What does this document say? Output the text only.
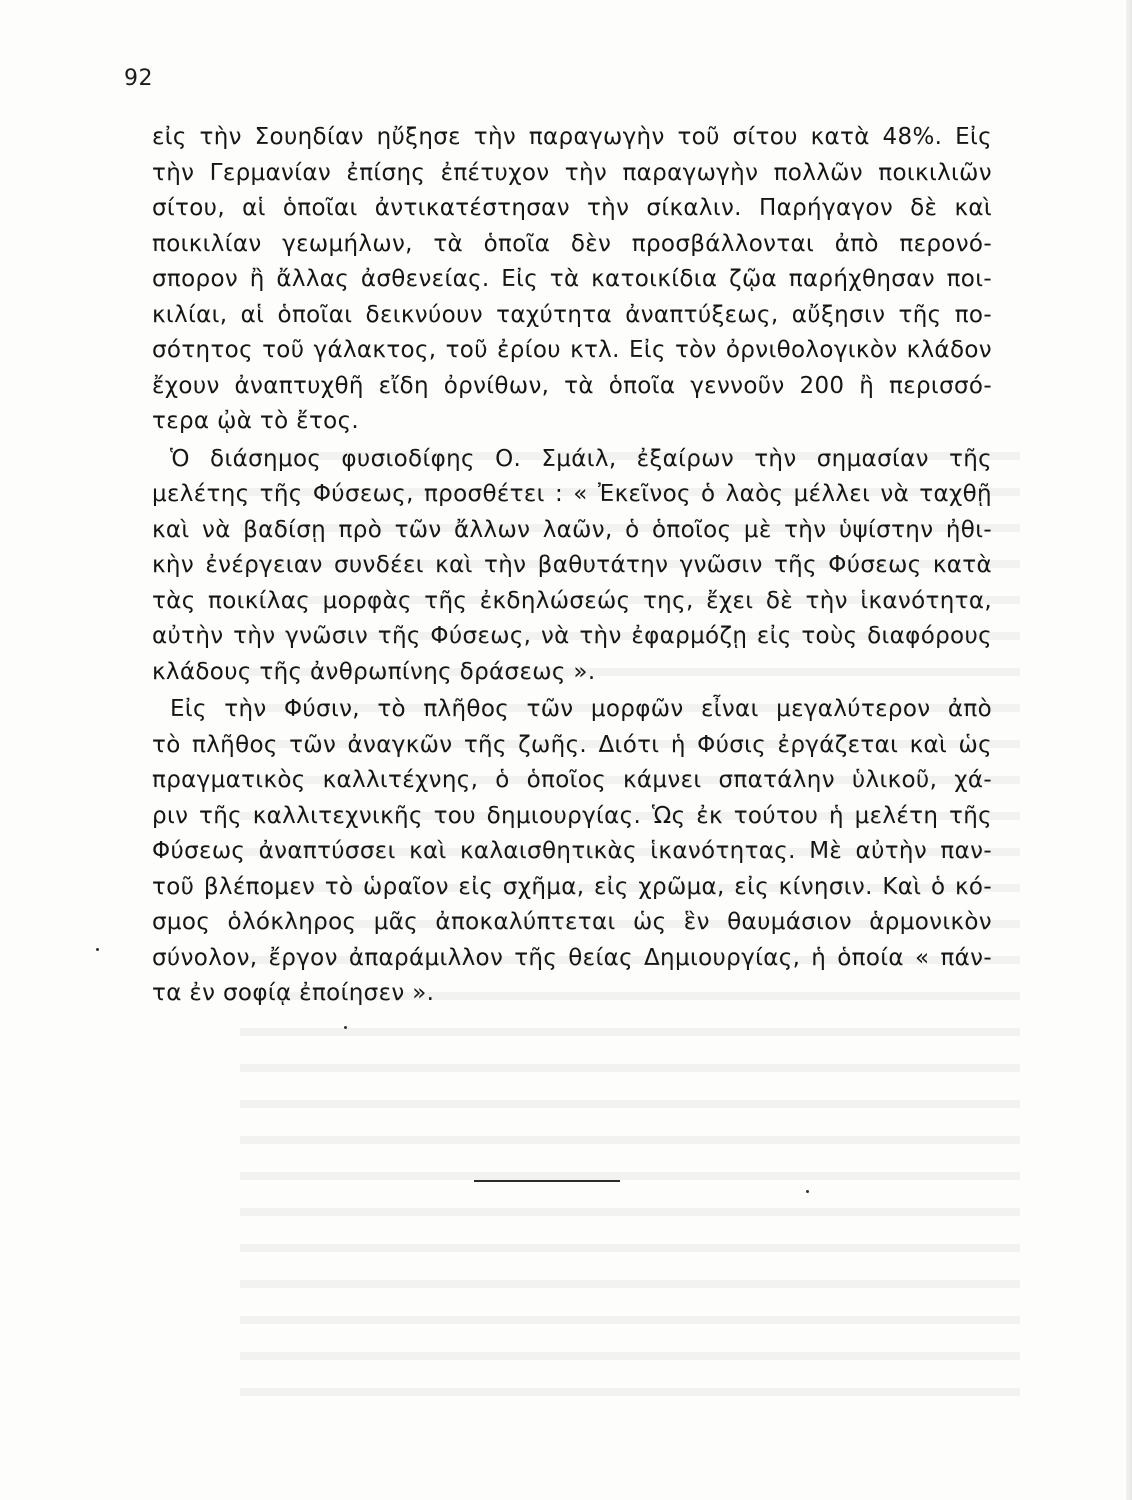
92
εἰς τὴν Σουηδίαν ηὔξησε τὴν παραγωγὴν τοῦ σίτου κατὰ 48%. Εἰς
τὴν Γερμανίαν ἐπίσης ἐπέτυχον τὴν παραγωγὴν πολλῶν ποικιλιῶν
σίτου, αἱ ὁποῖαι ἀντικατέστησαν τὴν σίκαλιν. Παρήγαγον δὲ καὶ
ποικιλίαν γεωμήλων, τὰ ὁποῖα δὲν προσβάλλονται ἀπὸ περονό-
σπορον ἢ ἄλλας ἀσθενείας. Εἰς τὰ κατοικίδια ζῷα παρήχθησαν ποι-
κιλίαι, αἱ ὁποῖαι δεικνύουν ταχύτητα ἀναπτύξεως, αὔξησιν τῆς πο-
σότητος τοῦ γάλακτος, τοῦ ἐρίου κτλ. Εἰς τὸν ὀρνιθολογικὸν κλάδον
ἔχουν ἀναπτυχθῆ εἴδη ὀρνίθων, τὰ ὁποῖα γεννοῦν 200 ἢ περισσό-
τερα ᾠὰ τὸ ἔτος.
Ὁ διάσημος φυσιοδίφης Ο. Σμάιλ, ἐξαίρων τὴν σημασίαν τῆς
μελέτης τῆς Φύσεως, προσθέτει : « Ἐκεῖνος ὁ λαὸς μέλλει νὰ ταχθῇ
καὶ νὰ βαδίσῃ πρὸ τῶν ἄλλων λαῶν, ὁ ὁποῖος μὲ τὴν ὑψίστην ἠθι-
κὴν ἐνέργειαν συνδέει καὶ τὴν βαθυτάτην γνῶσιν τῆς Φύσεως κατὰ
τὰς ποικίλας μορφὰς τῆς ἐκδηλώσεώς της, ἔχει δὲ τὴν ἱκανότητα,
αὐτὴν τὴν γνῶσιν τῆς Φύσεως, νὰ τὴν ἐφαρμόζῃ εἰς τοὺς διαφόρους
κλάδους τῆς ἀνθρωπίνης δράσεως ».
Εἰς τὴν Φύσιν, τὸ πλῆθος τῶν μορφῶν εἶναι μεγαλύτερον ἀπὸ
τὸ πλῆθος τῶν ἀναγκῶν τῆς ζωῆς. Διότι ἡ Φύσις ἐργάζεται καὶ ὡς
πραγματικὸς καλλιτέχνης, ὁ ὁποῖος κάμνει σπατάλην ὑλικοῦ, χά-
ριν τῆς καλλιτεχνικῆς του δημιουργίας. Ὡς ἐκ τούτου ἡ μελέτη τῆς
Φύσεως ἀναπτύσσει καὶ καλαισθητικὰς ἱκανότητας. Μὲ αὐτὴν παν-
τοῦ βλέπομεν τὸ ὡραῖον εἰς σχῆμα, εἰς χρῶμα, εἰς κίνησιν. Καὶ ὁ κό-
σμος ὁλόκληρος μᾶς ἀποκαλύπτεται ὡς ἓν θαυμάσιον ἁρμονικὸν
σύνολον, ἔργον ἀπαράμιλλον τῆς θείας Δημιουργίας, ἡ ὁποία « πάν-
τα ἐν σοφίᾳ ἐποίησεν ».
